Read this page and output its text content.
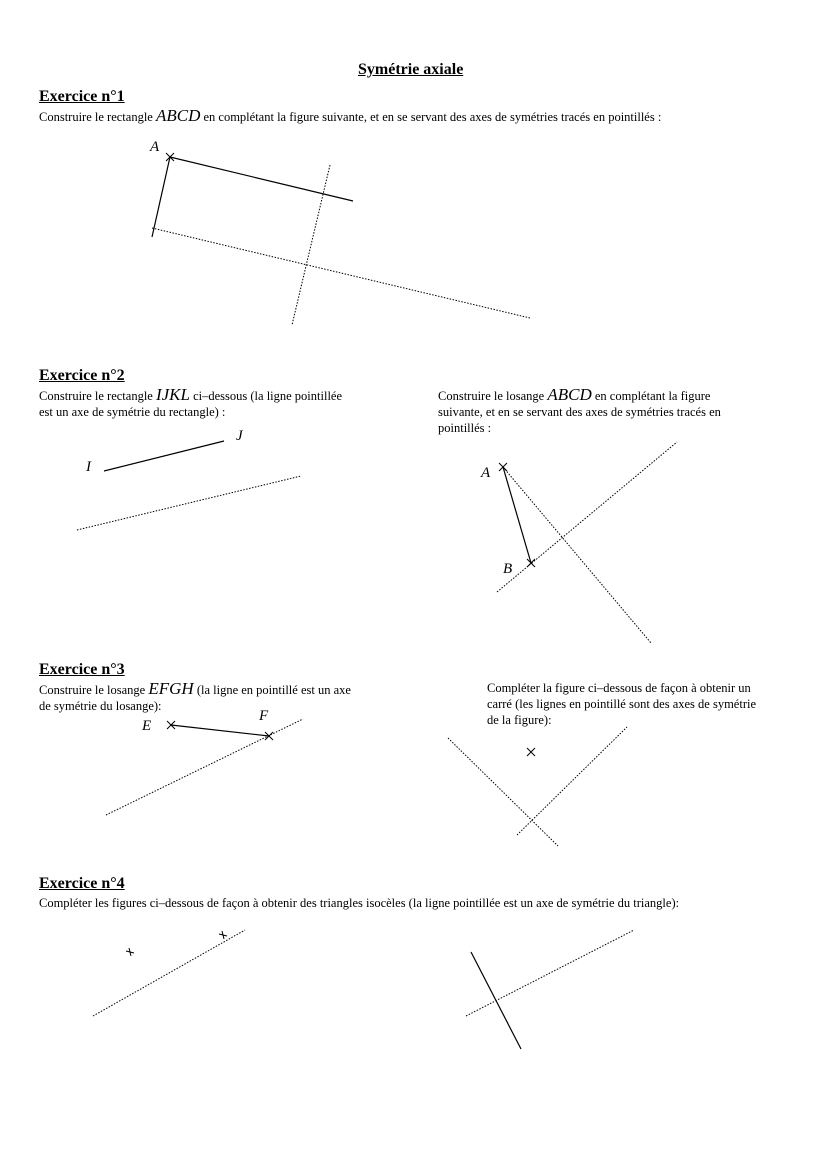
Symétrie axiale
Exercice n°1
Construire le rectangle ABCD en complétant la figure suivante, et en se servant des axes de symétries tracés en pointillés :
A
Exercice n°2
Construire le rectangle IJKL ci–dessous (la ligne pointillée
est un axe de symétrie du rectangle) :
I
J
Construire le losange ABCD en complétant la figure
suivante, et en se servant des axes de symétries tracés en
pointillés :
A
B
Exercice n°3
Construire le losange EFGH (la ligne en pointillé est un axe
de symétrie du losange):
E
F
Compléter la figure ci–dessous de façon à obtenir un
carré (les lignes en pointillé sont des axes de symétrie
de la figure):
Exercice n°4
Compléter les figures ci–dessous de façon à obtenir des triangles isocèles (la ligne pointillée est un axe de symétrie du triangle):
